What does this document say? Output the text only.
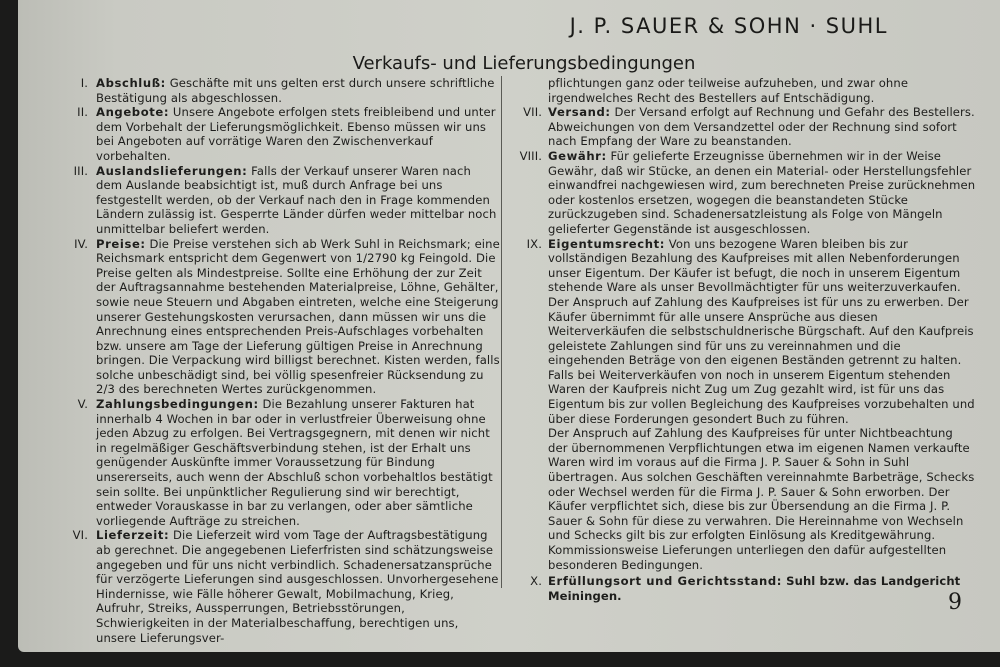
J. P. SAUER & SOHN · SUHL
Verkaufs- und Lieferungsbedingungen
I. Abschluß: Geschäfte mit uns gelten erst durch unsere schriftliche Bestätigung als abgeschlossen.
II. Angebote: Unsere Angebote erfolgen stets freibleibend und unter dem Vorbehalt der Lieferungsmöglichkeit. Ebenso müssen wir uns bei Angeboten auf vorrätige Waren den Zwischenverkauf vorbehalten.
III. Auslandslieferungen: Falls der Verkauf unserer Waren nach dem Auslande beabsichtigt ist, muß durch Anfrage bei uns festgestellt werden, ob der Verkauf nach den in Frage kommenden Ländern zulässig ist. Gesperrte Länder dürfen weder mittelbar noch unmittelbar beliefert werden.
IV. Preise: Die Preise verstehen sich ab Werk Suhl in Reichsmark; eine Reichsmark entspricht dem Gegenwert von 1/2790 kg Feingold. Die Preise gelten als Mindestpreise. Sollte eine Erhöhung der zur Zeit der Auftragsannahme bestehenden Materialpreise, Löhne, Gehälter, sowie neue Steuern und Abgaben eintreten, welche eine Steigerung unserer Gestehungskosten verursachen, dann müssen wir uns die Anrechnung eines entsprechenden Preis-Aufschlages vorbehalten bzw. unsere am Tage der Lieferung gültigen Preise in Anrechnung bringen. Die Verpackung wird billigst berechnet. Kisten werden, falls solche unbeschädigt sind, bei völlig spesenfreier Rücksendung zu 2/3 des berechneten Wertes zurückgenommen.
V. Zahlungsbedingungen: Die Bezahlung unserer Fakturen hat innerhalb 4 Wochen in bar oder in verlustfreier Überweisung ohne jeden Abzug zu erfolgen. Bei Vertragsgegnern, mit denen wir nicht in regelmäßiger Geschäftsverbindung stehen, ist der Erhalt uns genügender Auskünfte immer Voraussetzung für Bindung unsererseits, auch wenn der Abschluß schon vorbehaltlos bestätigt sein sollte. Bei unpünktlicher Regulierung sind wir berechtigt, entweder Vorauskasse in bar zu verlangen, oder aber sämtliche vorliegende Aufträge zu streichen.
VI. Lieferzeit: Die Lieferzeit wird vom Tage der Auftragsbestätigung ab gerechnet. Die angegebenen Lieferfristen sind schätzungsweise angegeben und für uns nicht verbindlich. Schadenersatzansprüche für verzögerte Lieferungen sind ausgeschlossen. Unvorhergesehene Hindernisse, wie Fälle höherer Gewalt, Mobilmachung, Krieg, Aufruhr, Streiks, Aussperrungen, Betriebsstörungen, Schwierigkeiten in der Materialbeschaffung, berechtigen uns, unsere Lieferungsver-
pflichtungen ganz oder teilweise aufzuheben, und zwar ohne irgendwelches Recht des Bestellers auf Entschädigung.
VII. Versand: Der Versand erfolgt auf Rechnung und Gefahr des Bestellers. Abweichungen von dem Versandzettel oder der Rechnung sind sofort nach Empfang der Ware zu beanstanden.
VIII. Gewähr: Für gelieferte Erzeugnisse übernehmen wir in der Weise Gewähr, daß wir Stücke, an denen ein Material- oder Herstellungsfehler einwandfrei nachgewiesen wird, zum berechneten Preise zurücknehmen oder kostenlos ersetzen, wogegen die beanstandeten Stücke zurückzugeben sind. Schadenersatzleistung als Folge von Mängeln gelieferter Gegenstände ist ausgeschlossen.
IX. Eigentumsrecht: Von uns bezogene Waren bleiben bis zur vollständigen Bezahlung des Kaufpreises mit allen Nebenforderungen unser Eigentum. Der Käufer ist befugt, die noch in unserem Eigentum stehende Ware als unser Bevollmächtigter für uns weiterzuverkaufen. Der Anspruch auf Zahlung des Kaufpreises ist für uns zu erwerben. Der Käufer übernimmt für alle unsere Ansprüche aus diesen Weiterverkäufen die selbstschuldnerische Bürgschaft. Auf den Kaufpreis geleistete Zahlungen sind für uns zu vereinnahmen und die eingehenden Beträge von den eigenen Beständen getrennt zu halten. Falls bei Weiterverkäufen von noch in unserem Eigentum stehenden Waren der Kaufpreis nicht Zug um Zug gezahlt wird, ist für uns das Eigentum bis zur vollen Begleichung des Kaufpreises vorzubehalten und über diese Forderungen gesondert Buch zu führen.
Der Anspruch auf Zahlung des Kaufpreises für unter Nichtbeachtung der übernommenen Verpflichtungen etwa im eigenen Namen verkaufte Waren wird im voraus auf die Firma J. P. Sauer & Sohn in Suhl übertragen. Aus solchen Geschäften vereinnahmte Barbeträge, Schecks oder Wechsel werden für die Firma J. P. Sauer & Sohn erworben. Der Käufer verpflichtet sich, diese bis zur Übersendung an die Firma J. P. Sauer & Sohn für diese zu verwahren. Die Hereinnahme von Wechseln und Schecks gilt bis zur erfolgten Einlösung als Kreditgewährung. Kommissionsweise Lieferungen unterliegen den dafür aufgestellten besonderen Bedingungen.
X. Erfüllungsort und Gerichtsstand: Suhl bzw. das Landgericht Meiningen.	9
